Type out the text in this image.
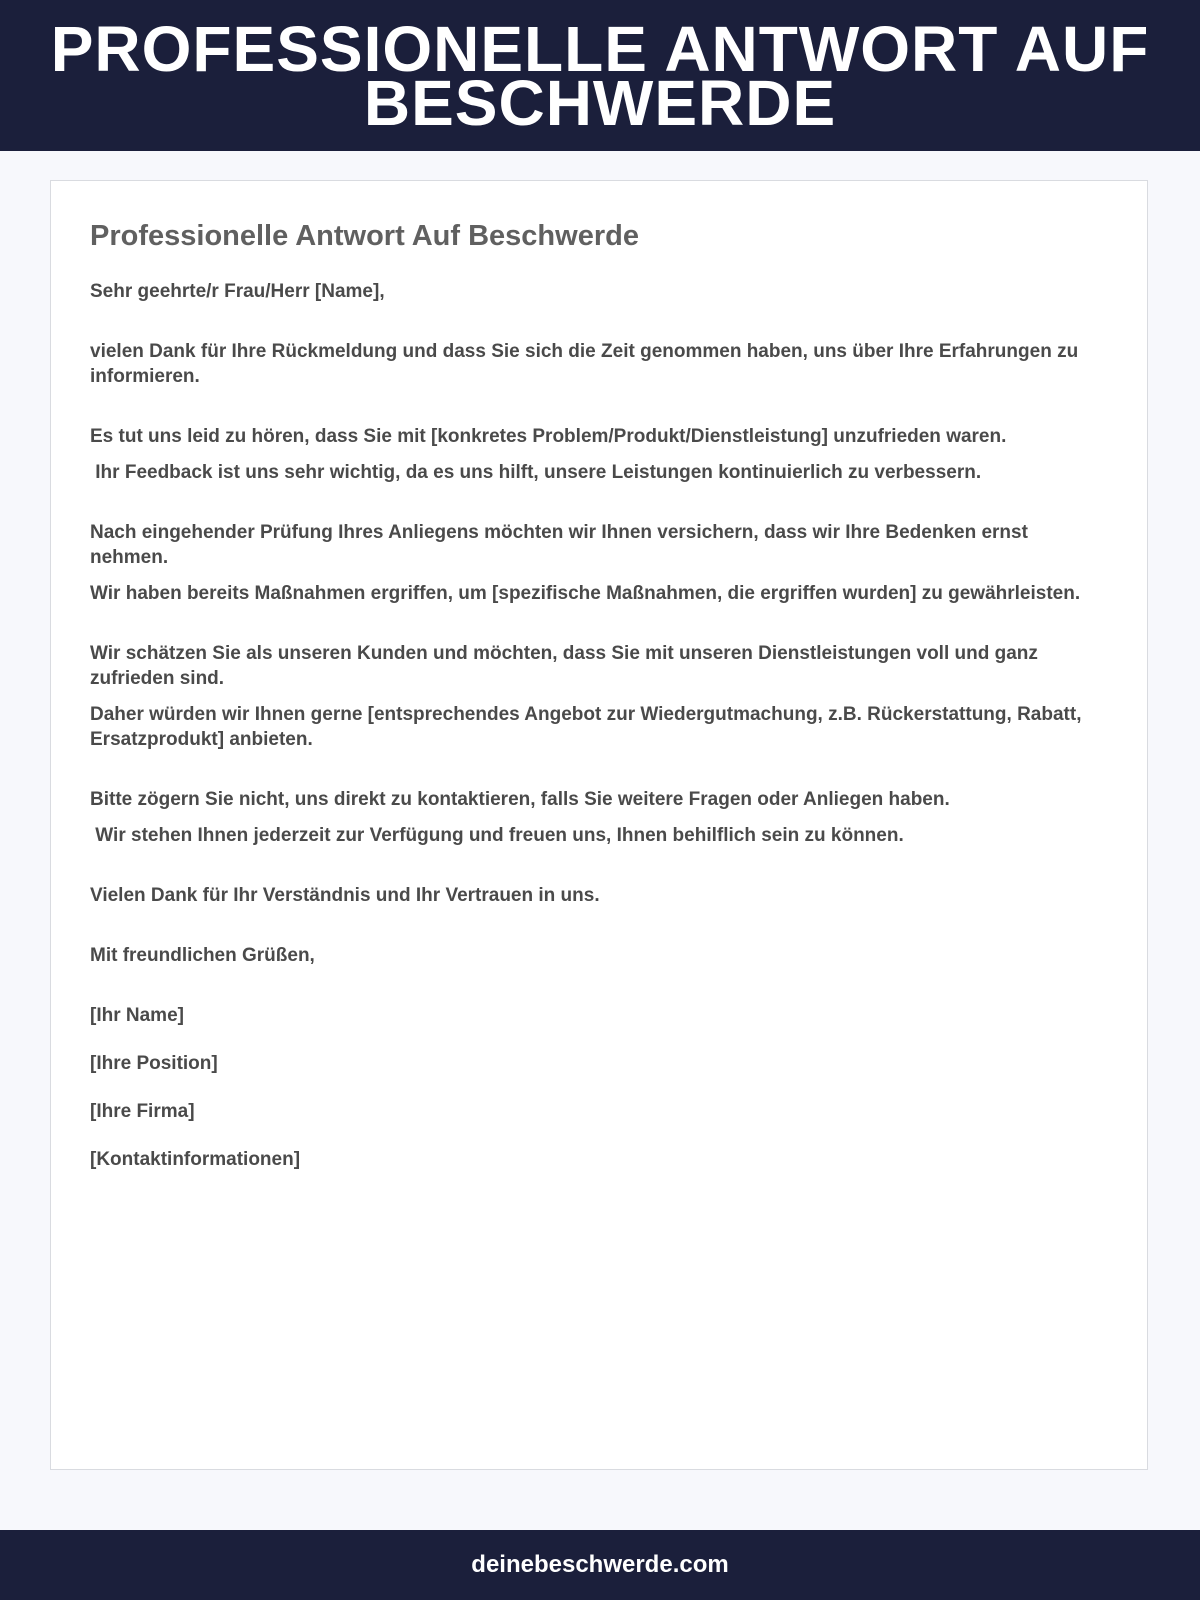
PROFESSIONELLE ANTWORT AUF BESCHWERDE
Professionelle Antwort Auf Beschwerde

Sehr geehrte/r Frau/Herr [Name],

vielen Dank für Ihre Rückmeldung und dass Sie sich die Zeit genommen haben, uns über Ihre Erfahrungen zu informieren.

Es tut uns leid zu hören, dass Sie mit [konkretes Problem/Produkt/Dienstleistung] unzufrieden waren.

Ihr Feedback ist uns sehr wichtig, da es uns hilft, unsere Leistungen kontinuierlich zu verbessern.

Nach eingehender Prüfung Ihres Anliegens möchten wir Ihnen versichern, dass wir Ihre Bedenken ernst nehmen.

Wir haben bereits Maßnahmen ergriffen, um [spezifische Maßnahmen, die ergriffen wurden] zu gewährleisten.

Wir schätzen Sie als unseren Kunden und möchten, dass Sie mit unseren Dienstleistungen voll und ganz zufrieden sind.

Daher würden wir Ihnen gerne [entsprechendes Angebot zur Wiedergutmachung, z.B. Rückerstattung, Rabatt, Ersatzprodukt] anbieten.

Bitte zögern Sie nicht, uns direkt zu kontaktieren, falls Sie weitere Fragen oder Anliegen haben.

Wir stehen Ihnen jederzeit zur Verfügung und freuen uns, Ihnen behilflich sein zu können.

Vielen Dank für Ihr Verständnis und Ihr Vertrauen in uns.

Mit freundlichen Grüßen,

[Ihr Name]

[Ihre Position]

[Ihre Firma]

[Kontaktinformationen]

deinebeschwerde.com
